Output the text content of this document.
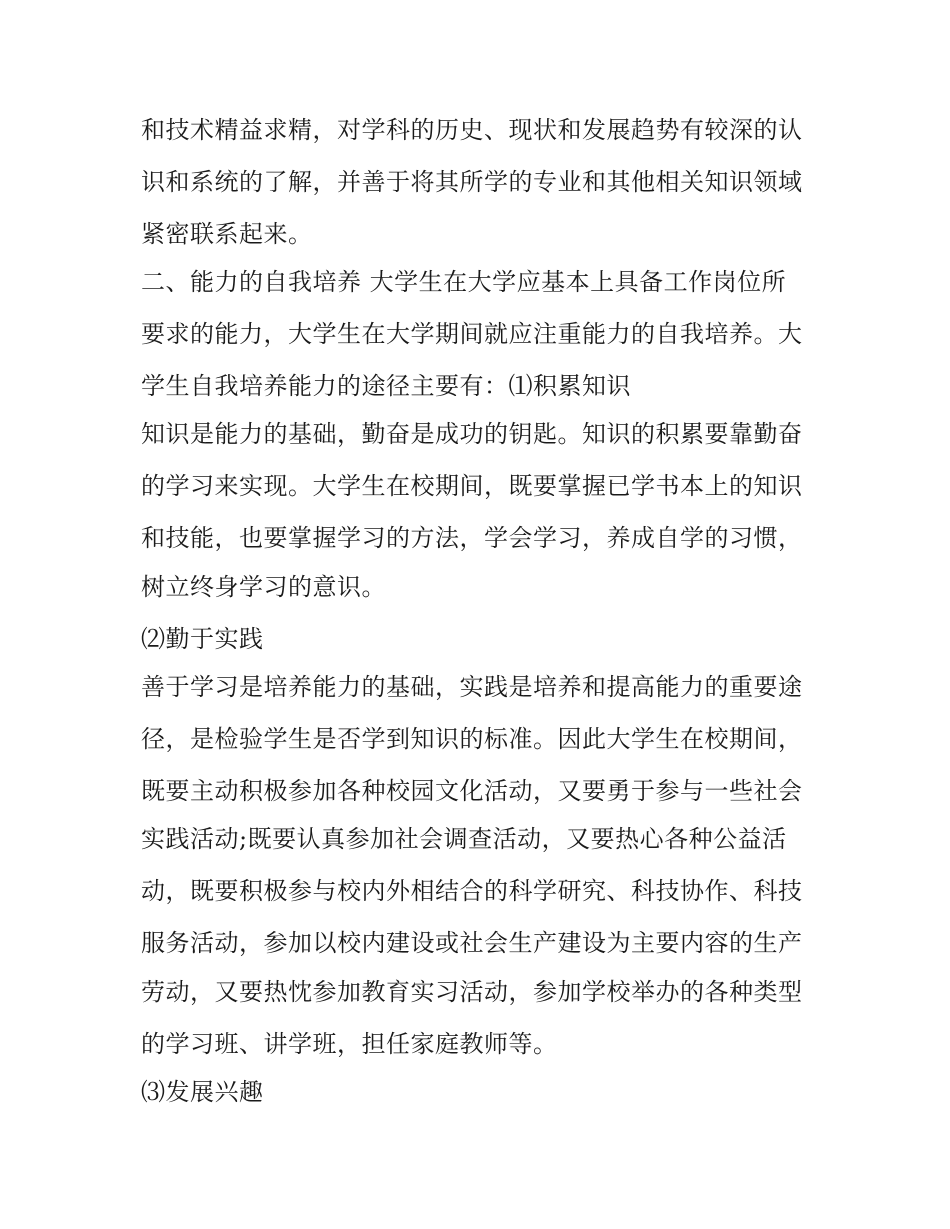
和技术精益求精，对学科的历史、现状和发展趋势有较深的认
识和系统的了解，并善于将其所学的专业和其他相关知识领域
紧密联系起来。
二、能力的自我培养 大学生在大学应基本上具备工作岗位所
要求的能力，大学生在大学期间就应注重能力的自我培养。大
学生自我培养能力的途径主要有：⑴积累知识
知识是能力的基础，勤奋是成功的钥匙。知识的积累要靠勤奋
的学习来实现。大学生在校期间，既要掌握已学书本上的知识
和技能，也要掌握学习的方法，学会学习，养成自学的习惯，
树立终身学习的意识。
⑵勤于实践
善于学习是培养能力的基础，实践是培养和提高能力的重要途
径，是检验学生是否学到知识的标准。因此大学生在校期间，
既要主动积极参加各种校园文化活动，又要勇于参与一些社会
实践活动;既要认真参加社会调查活动，又要热心各种公益活
动，既要积极参与校内外相结合的科学研究、科技协作、科技
服务活动，参加以校内建设或社会生产建设为主要内容的生产
劳动，又要热忱参加教育实习活动，参加学校举办的各种类型
的学习班、讲学班，担任家庭教师等。
⑶发展兴趣
